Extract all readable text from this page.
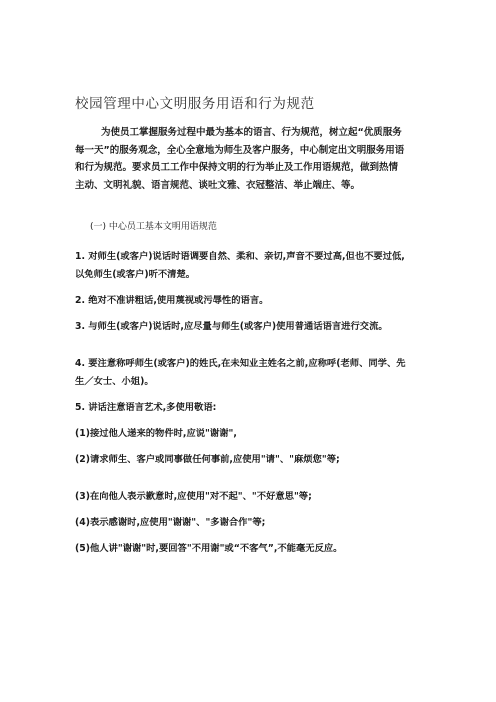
校园管理中心文明服务用语和行为规范
为使员工掌握服务过程中最为基本的语言、行为规范，树立起“优质服务
每一天”的服务观念，全心全意地为师生及客户服务，中心制定出文明服务用语
和行为规范。要求员工工作中保持文明的行为举止及工作用语规范，做到热情
主动、文明礼貌、语言规范、谈吐文雅、衣冠整洁、举止端庄、等。
(一) 中心员工基本文明用语规范
1. 对师生(或客户)说话时语调要自然、柔和、亲切,声音不要过高,但也不要过低,
以免师生(或客户)听不清楚。
2. 绝对不准讲粗话,使用蔑视或污辱性的语言。
3. 与师生(或客户)说话时,应尽量与师生(或客户)使用普通话语言进行交流。
4. 要注意称呼师生(或客户)的姓氏,在未知业主姓名之前,应称呼(老师、同学、先
生／女士、小姐)。
5. 讲话注意语言艺术,多使用敬语:
(1)接过他人递来的物件时,应说"谢谢",
(2)请求师生、客户或同事做任何事前,应使用"请"、"麻烦您"等;
(3)在向他人表示歉意时,应使用"对不起"、"不好意思"等;
(4)表示感谢时,应使用"谢谢"、"多谢合作"等;
(5)他人讲"谢谢"时,要回答"不用谢"或“不客气”,不能毫无反应。
